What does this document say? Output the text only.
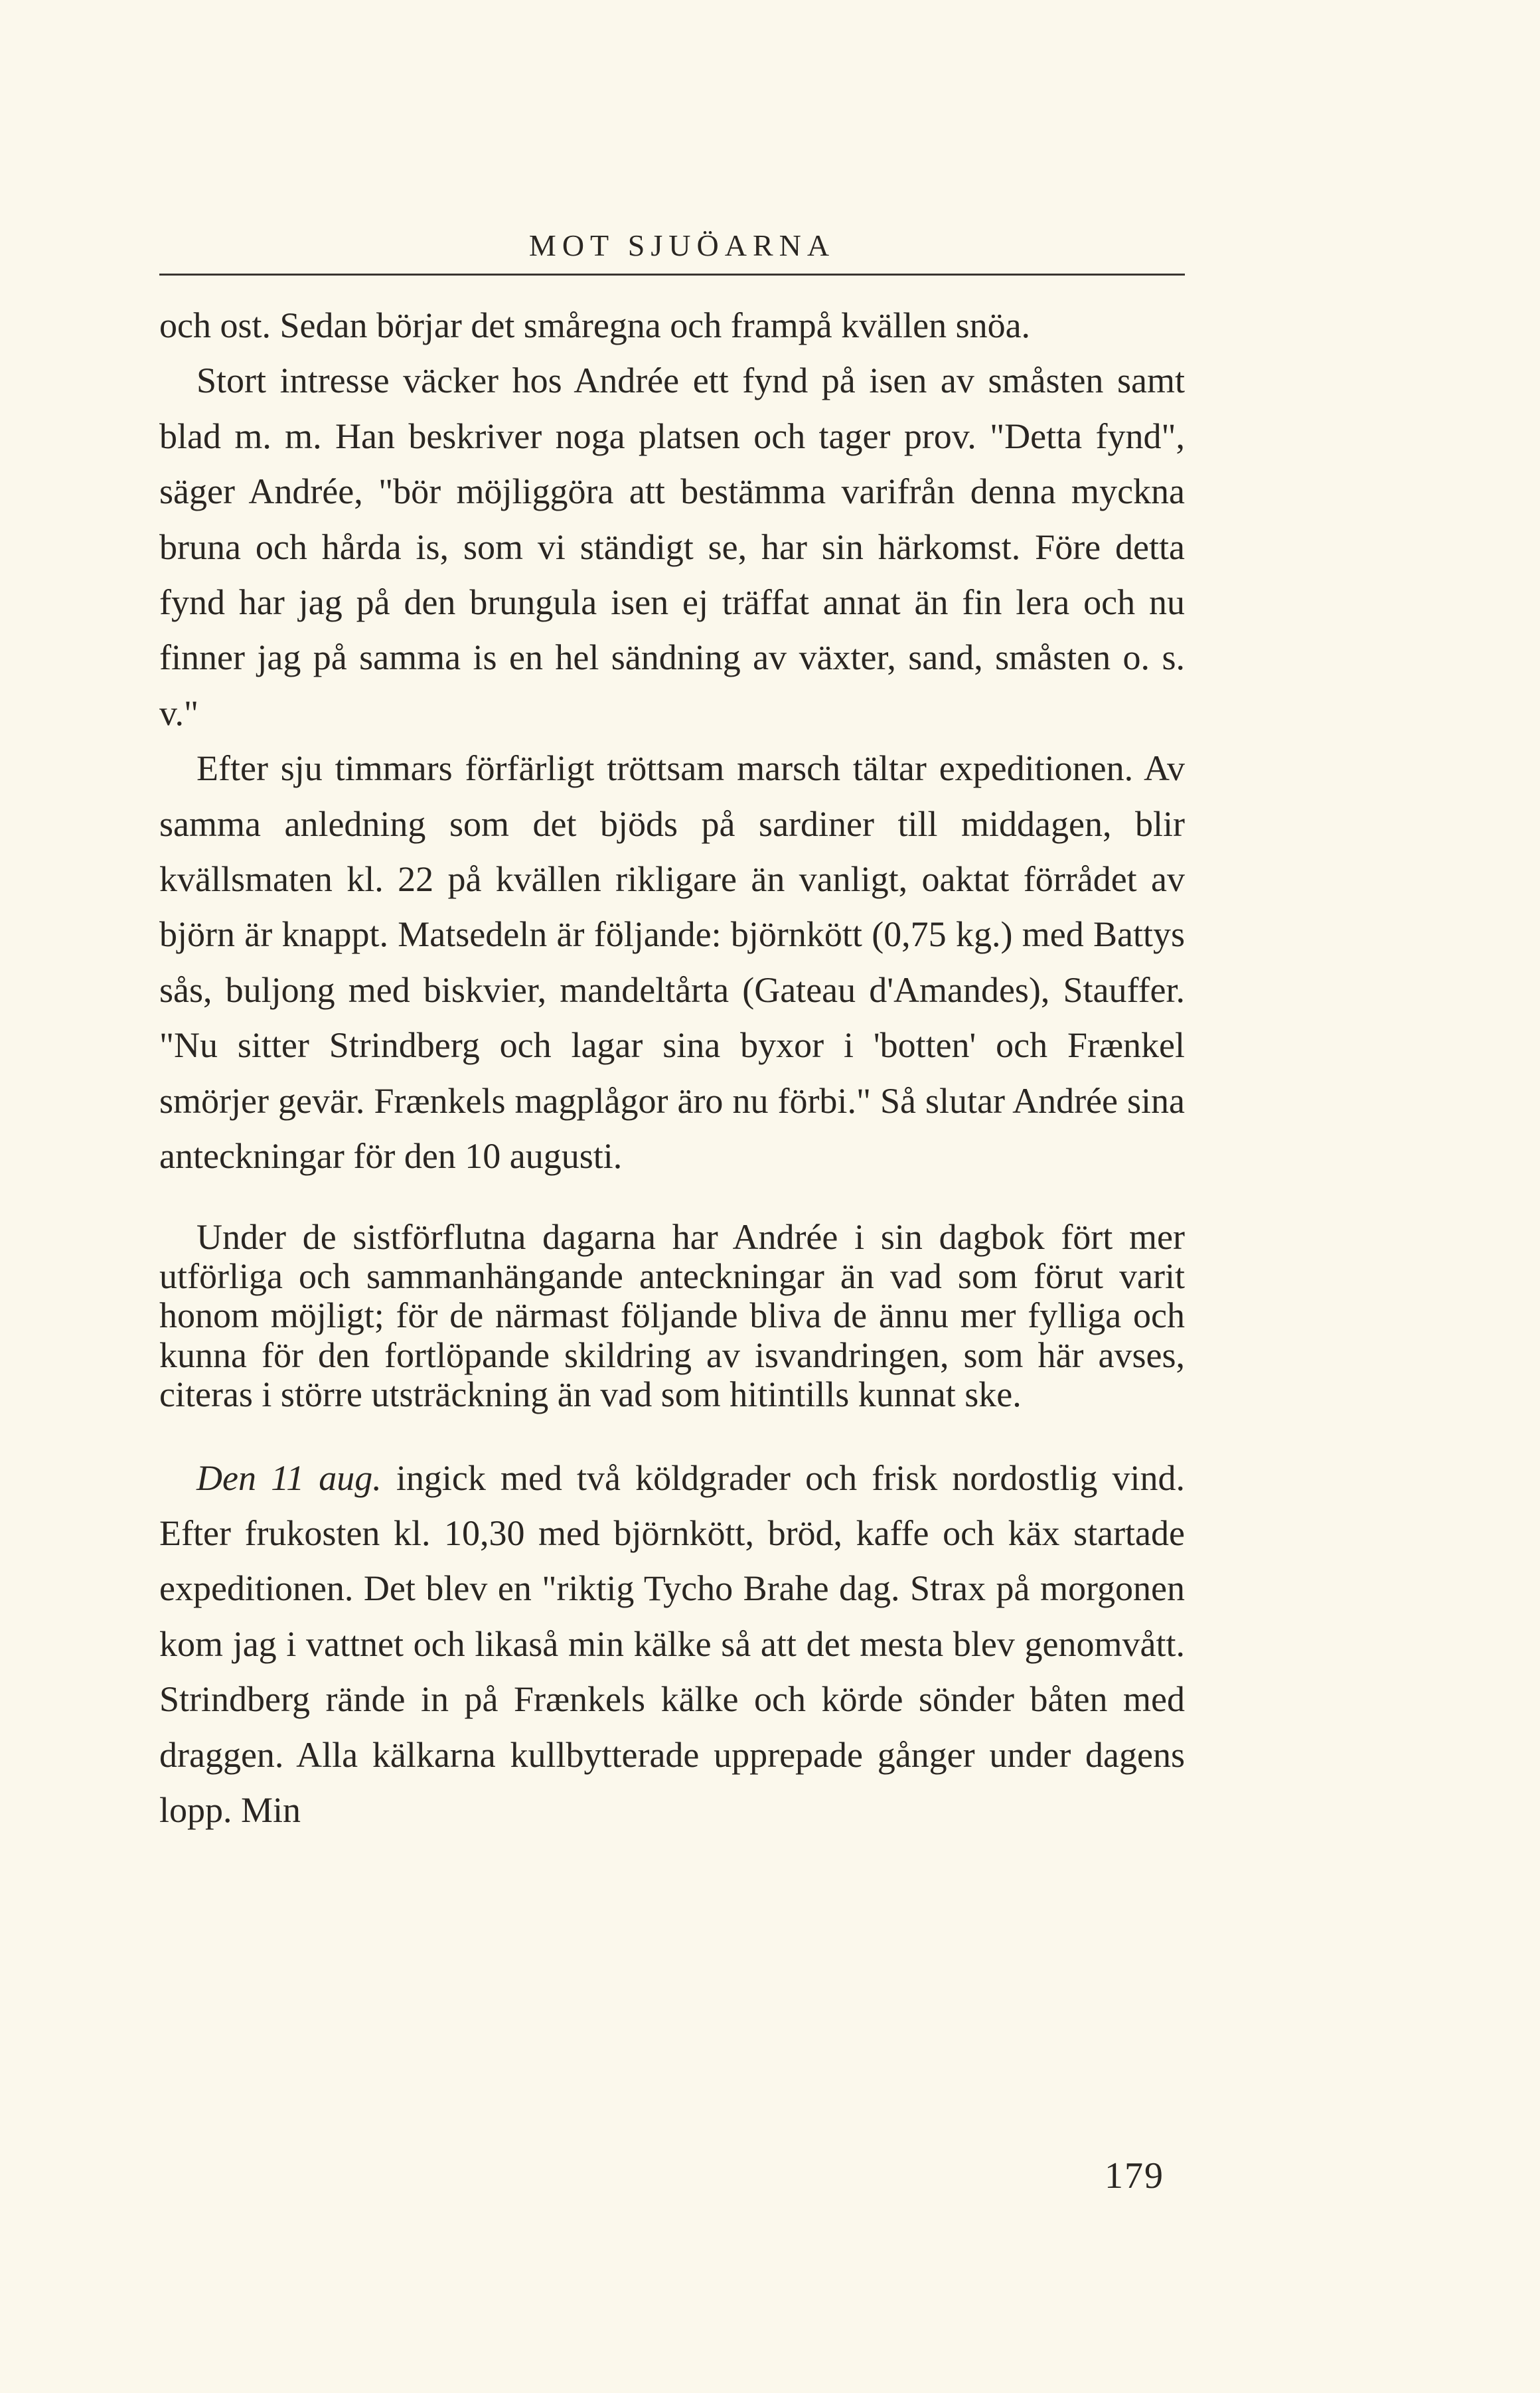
MOT SJUÖARNA

och ost. Sedan börjar det småregna och frampå kvällen snöa.

Stort intresse väcker hos Andrée ett fynd på isen av småsten samt blad m. m. Han beskriver noga platsen och tager prov. "Detta fynd", säger Andrée, "bör möjliggöra att bestämma varifrån denna myckna bruna och hårda is, som vi ständigt se, har sin härkomst. Före detta fynd har jag på den brungula isen ej träffat annat än fin lera och nu finner jag på samma is en hel sändning av växter, sand, småsten o. s. v."

Efter sju timmars förfärligt tröttsam marsch tältar expeditionen. Av samma anledning som det bjöds på sardiner till middagen, blir kvällsmaten kl. 22 på kvällen rikligare än vanligt, oaktat förrådet av björn är knappt. Matsedeln är följande: björnkött (0,75 kg.) med Battys sås, buljong med biskvier, mandeltårta (Gateau d'Amandes), Stauffer. "Nu sitter Strindberg och lagar sina byxor i 'botten' och Frænkel smörjer gevär. Frænkels magplågor äro nu förbi." Så slutar Andrée sina anteckningar för den 10 augusti.

Under de sistförflutna dagarna har Andrée i sin dagbok fört mer utförliga och sammanhängande anteckningar än vad som förut varit honom möjligt; för de närmast följande bliva de ännu mer fylliga och kunna för den fortlöpande skildring av isvandringen, som här avses, citeras i större utsträckning än vad som hitintills kunnat ske.

Den 11 aug. ingick med två köldgrader och frisk nordostlig vind. Efter frukosten kl. 10,30 med björnkött, bröd, kaffe och käx startade expeditionen. Det blev en "riktig Tycho Brahe dag. Strax på morgonen kom jag i vattnet och likaså min kälke så att det mesta blev genomvått. Strindberg rände in på Frænkels kälke och körde sönder båten med draggen. Alla kälkarna kullbytterade upprepade gånger under dagens lopp. Min

179
